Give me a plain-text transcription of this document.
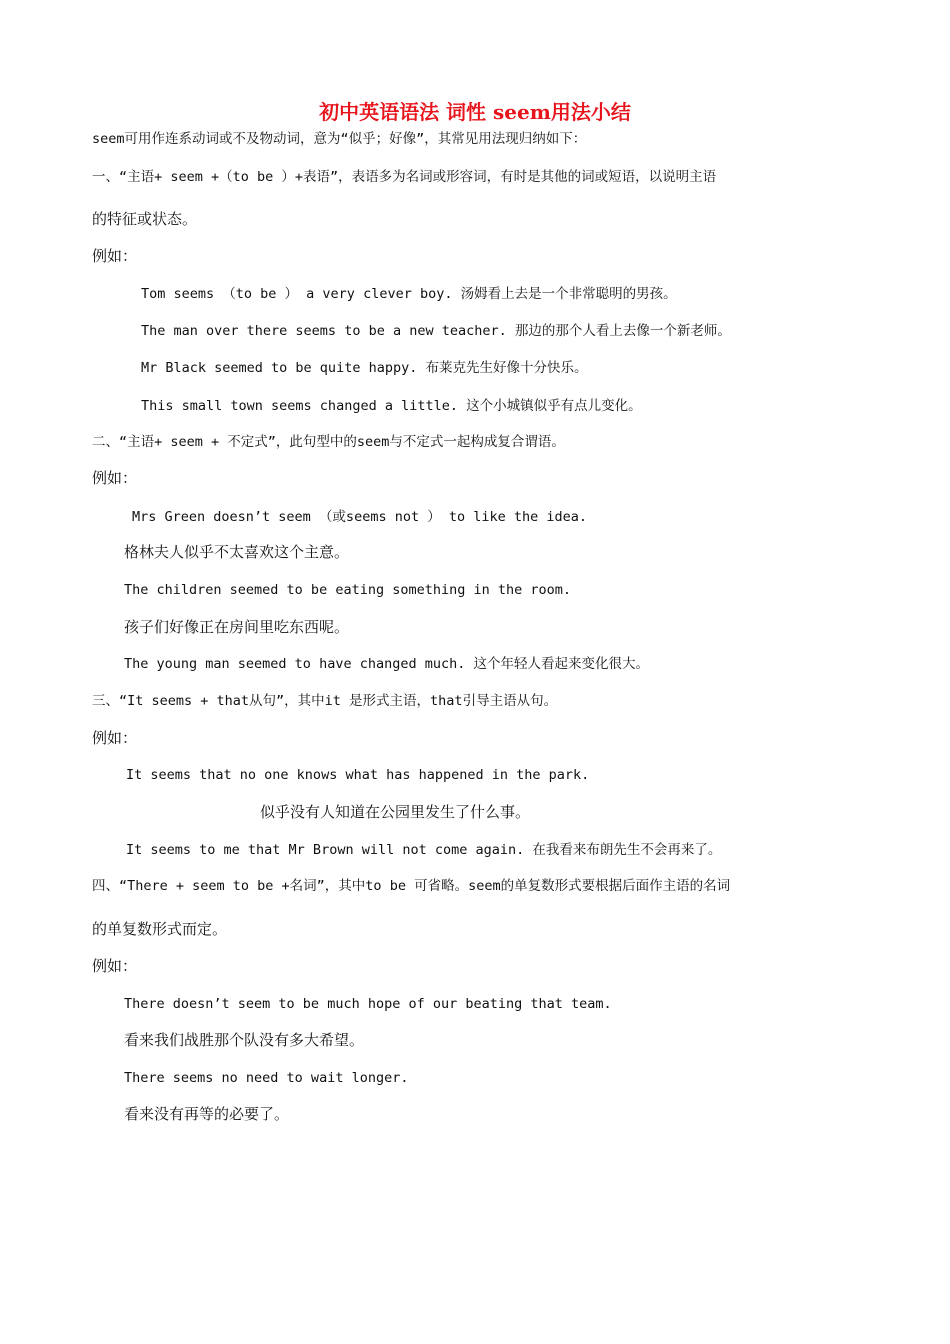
初中英语语法 词性 seem用法小结
seem可用作连系动词或不及物动词，意为“似乎；好像”，其常见用法现归纳如下：
一、“主语+ seem +（to be ）+表语”，表语多为名词或形容词，有时是其他的词或短语，以说明主语
的特征或状态。
例如：
Tom seems （to be ） a very clever boy. 汤姆看上去是一个非常聪明的男孩。
The man over there seems to be a new teacher. 那边的那个人看上去像一个新老师。
Mr Black seemed to be quite happy. 布莱克先生好像十分快乐。
This small town seems changed a little. 这个小城镇似乎有点儿变化。
二、“主语+ seem + 不定式”，此句型中的seem与不定式一起构成复合谓语。
例如：
Mrs Green doesn’t seem （或seems not ） to like the idea.
格林夫人似乎不太喜欢这个主意。
The children seemed to be eating something in the room.
孩子们好像正在房间里吃东西呢。
The young man seemed to have changed much. 这个年轻人看起来变化很大。
三、“It seems + that从句”，其中it 是形式主语，that引导主语从句。
例如：
It seems that no one knows what has happened in the park.
似乎没有人知道在公园里发生了什么事。
It seems to me that Mr Brown will not come again. 在我看来布朗先生不会再来了。
四、“There + seem to be +名词”，其中to be 可省略。seem的单复数形式要根据后面作主语的名词
的单复数形式而定。
例如：
There doesn’t seem to be much hope of our beating that team.
看来我们战胜那个队没有多大希望。
There seems no need to wait longer.
看来没有再等的必要了。
